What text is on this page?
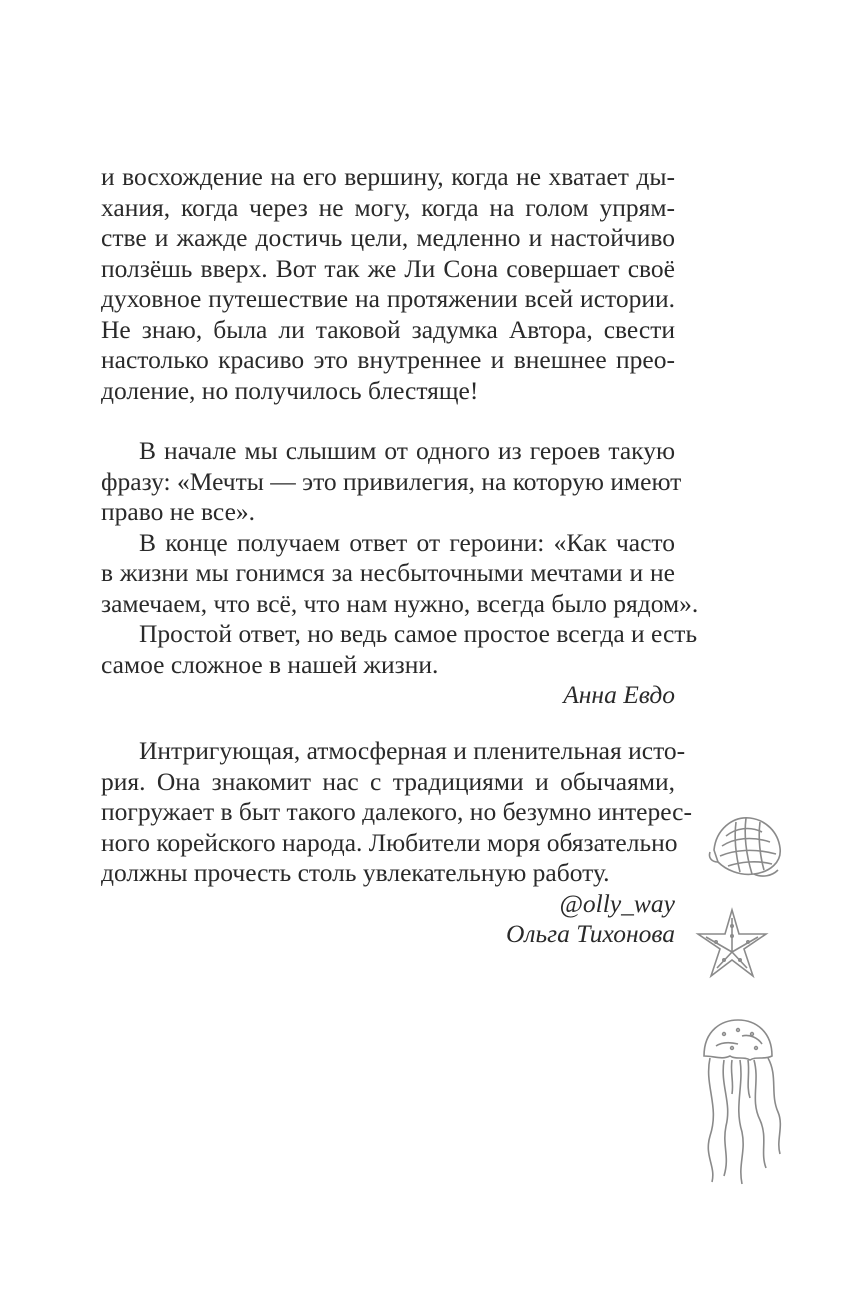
и восхождение на его вершину, когда не хватает ды-
хания, когда через не могу, когда на голом упрям-
стве и жажде достичь цели, медленно и настойчиво
ползёшь вверх. Вот так же Ли Сона совершает своё
духовное путешествие на протяжении всей истории.
Не знаю, была ли таковой задумка Автора, свести
настолько красиво это внутреннее и внешнее прео-
доление, но получилось блестяще!
В начале мы слышим от одного из героев такую
фразу: «Мечты — это привилегия, на которую имеют
право не все».
В конце получаем ответ от героини: «Как часто
в жизни мы гонимся за несбыточными мечтами и не
замечаем, что всё, что нам нужно, всегда было рядом».
Простой ответ, но ведь самое простое всегда и есть
самое сложное в нашей жизни.
Анна Евдо
Интригующая, атмосферная и пленительная исто-
рия. Она знакомит нас с традициями и обычаями,
погружает в быт такого далекого, но безумно интерес-
ного корейского народа. Любители моря обязательно
должны прочесть столь увлекательную работу.
@olly_way
Ольга Тихонова
